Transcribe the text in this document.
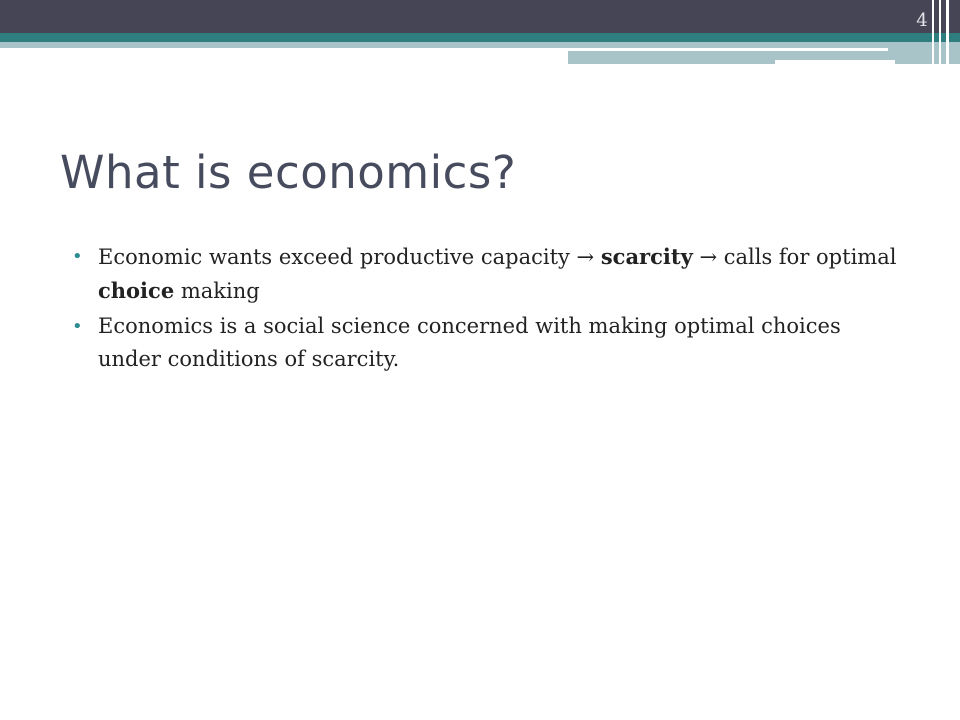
4
What is economics?
• Economic wants exceed productive capacity → scarcity → calls for optimal choice making
• Economics is a social science concerned with making optimal choices under conditions of scarcity.
